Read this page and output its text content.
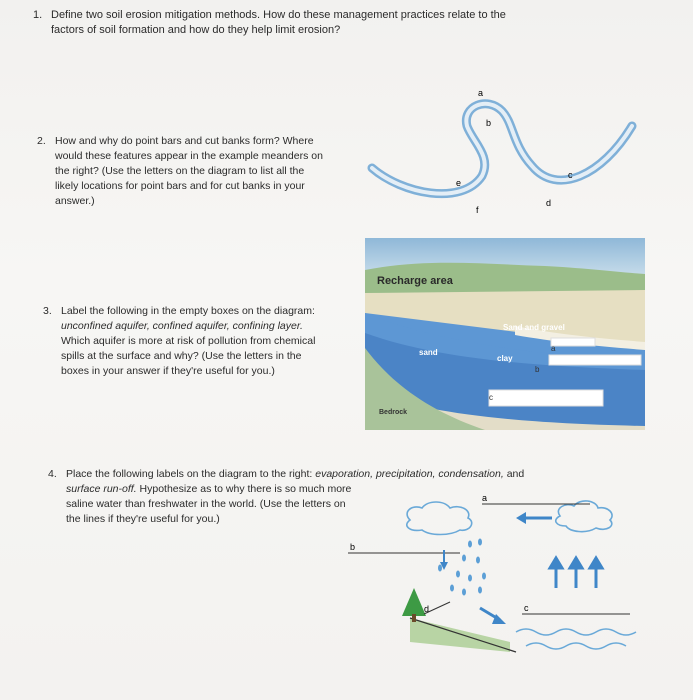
1. Define two soil erosion mitigation methods. How do these management practices relate to the
factors of soil formation and how do they help limit erosion?
2. How and why do point bars and cut banks form? Where
would these features appear in the example meanders on
the right? (Use the letters on the diagram to list all the
likely locations for point bars and for cut banks in your
answer.)
3. Label the following in the empty boxes on the diagram:
unconfined aquifer, confined aquifer, confining layer.
Which aquifer is more at risk of pollution from chemical
spills at the surface and why? (Use the letters in the
boxes in your answer if they're useful for you.)
4. Place the following labels on the diagram to the right: evaporation, precipitation, condensation, and
surface run-off. Hypothesize as to why there is so much more
saline water than freshwater in the world. (Use the letters on
the lines if they're useful for you.)
a
b
c
d
e
f
Recharge area
Sand and gravel
sand
clay
Bedrock
a
b
c
a
b
d	c
